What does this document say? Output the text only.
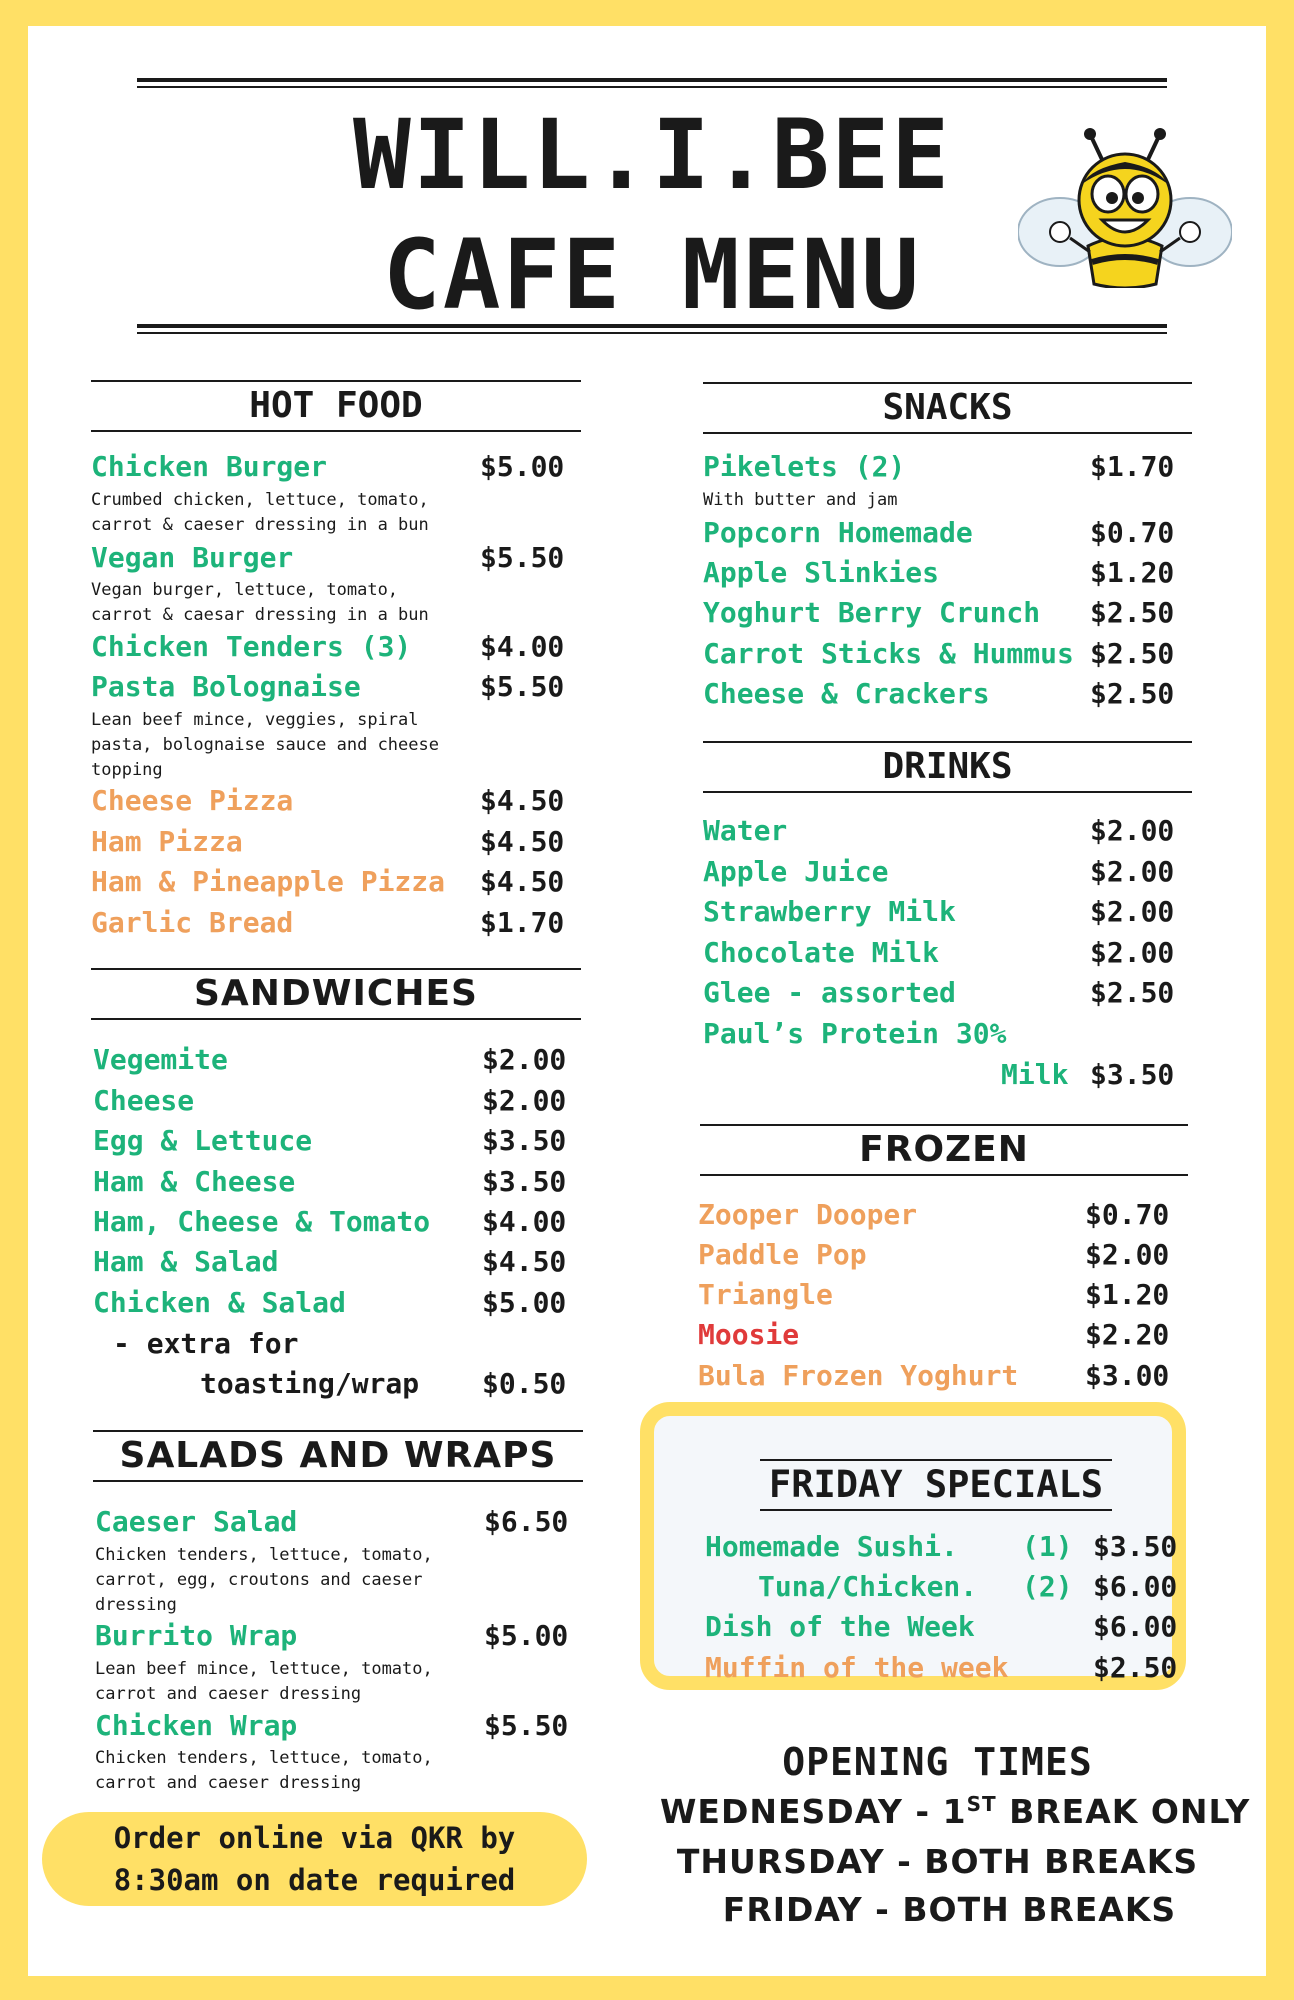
WILL.I.BEE
CAFE MENU
HOT FOOD
Chicken Burger	$5.00
Crumbed chicken, lettuce, tomato,
carrot & caeser dressing in a bun
Vegan Burger	$5.50
Vegan burger, lettuce, tomato,
carrot & caesar dressing in a bun
Chicken Tenders (3) $4.00
Pasta Bolognaise	$5.50
Lean beef mince, veggies, spiral
pasta, bolognaise sauce and cheese
topping
Cheese Pizza	$4.50
Ham Pizza	$4.50
Ham & Pineapple Pizza $4.50
Garlic Bread	$1.70
SANDWICHES
Vegemite	$2.00
Cheese	$2.00
Egg & Lettuce	$3.50
Ham & Cheese	$3.50
Ham, Cheese & Tomato $4.00
Ham & Salad	$4.50
Chicken & Salad	$5.00
- extra for
toasting/wrap $0.50
SALADS AND WRAPS
Caeser Salad	$6.50
Chicken tenders, lettuce, tomato,
carrot, egg, croutons and caeser
dressing
Burrito Wrap	$5.00
Lean beef mince, lettuce, tomato,
carrot and caeser dressing
Chicken Wrap	$5.50
Chicken tenders, lettuce, tomato,
carrot and caeser dressing
Order online via QKR by
8:30am on date required
SNACKS
Pikelets (2)	$1.70
With butter and jam
Popcorn Homemade	$0.70
Apple Slinkies	$1.20
Yoghurt Berry Crunch $2.50
Carrot Sticks & Hummus $2.50
Cheese & Crackers	$2.50
DRINKS
Water	$2.00
Apple Juice	$2.00
Strawberry Milk	$2.00
Chocolate Milk	$2.00
Glee - assorted	$2.50
Paul’s Protein 30%
Milk $3.50
FROZEN
Zooper Dooper	$0.70
Paddle Pop	$2.00
Triangle	$1.20
Moosie	$2.20
Bula Frozen Yoghurt $3.00
FRIDAY SPECIALS
Homemade Sushi. (1) $3.50
Tuna/Chicken. (2) $6.00
Dish of the Week	$6.00
Muffin of the week	$2.50
OPENING TIMES
WEDNESDAY - 1ST BREAK ONLY
THURSDAY - BOTH BREAKS
FRIDAY - BOTH BREAKS
